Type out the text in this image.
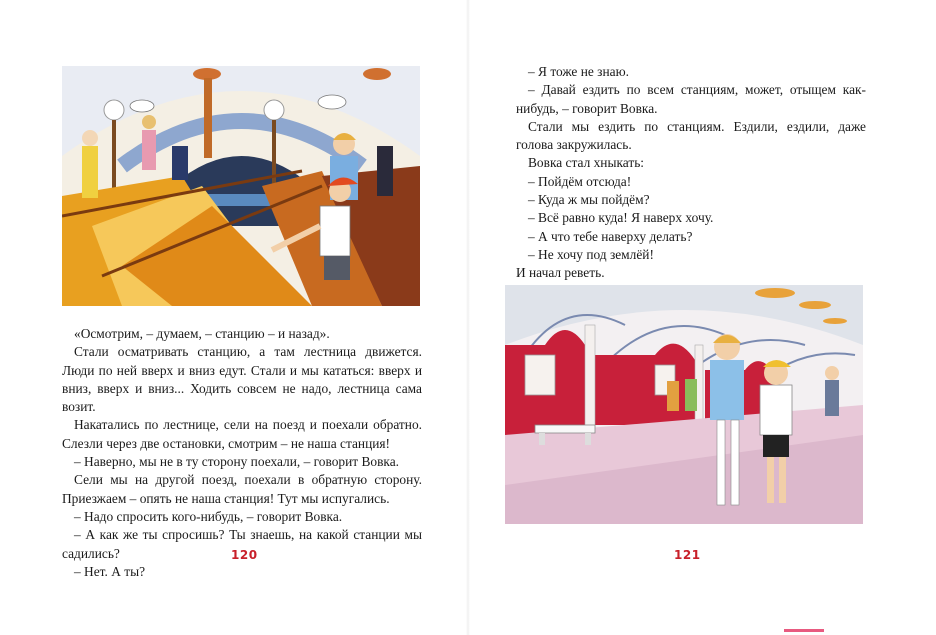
«Осмотрим, – думаем, – станцию – и назад».

Стали осматривать станцию, а там лестница движется. Люди по ней вверх и вниз едут. Стали и мы кататься: вверх и вниз, вверх и вниз... Ходить совсем не надо, лестница сама возит.

Накатались по лестнице, сели на поезд и поехали обратно. Слезли через две остановки, смотрим – не наша станция!

– Наверно, мы не в ту сторону поехали, – говорит Вовка.

Сели мы на другой поезд, поехали в обратную сторону. Приезжаем – опять не наша станция! Тут мы испугались.

– Надо спросить кого-нибудь, – говорит Вовка.

– А как же ты спросишь? Ты знаешь, на какой станции мы садились?

– Нет. А ты?

120

– Я тоже не знаю.

– Давай ездить по всем станциям, может, отыщем как-нибудь, – говорит Вовка.

Стали мы ездить по станциям. Ездили, ездили, даже голова закружилась.

Вовка стал хныкать:

– Пойдём отсюда!

– Куда ж мы пойдём?

– Всё равно куда! Я наверх хочу.

– А что тебе наверху делать?

– Не хочу под землёй!

И начал реветь.

121
